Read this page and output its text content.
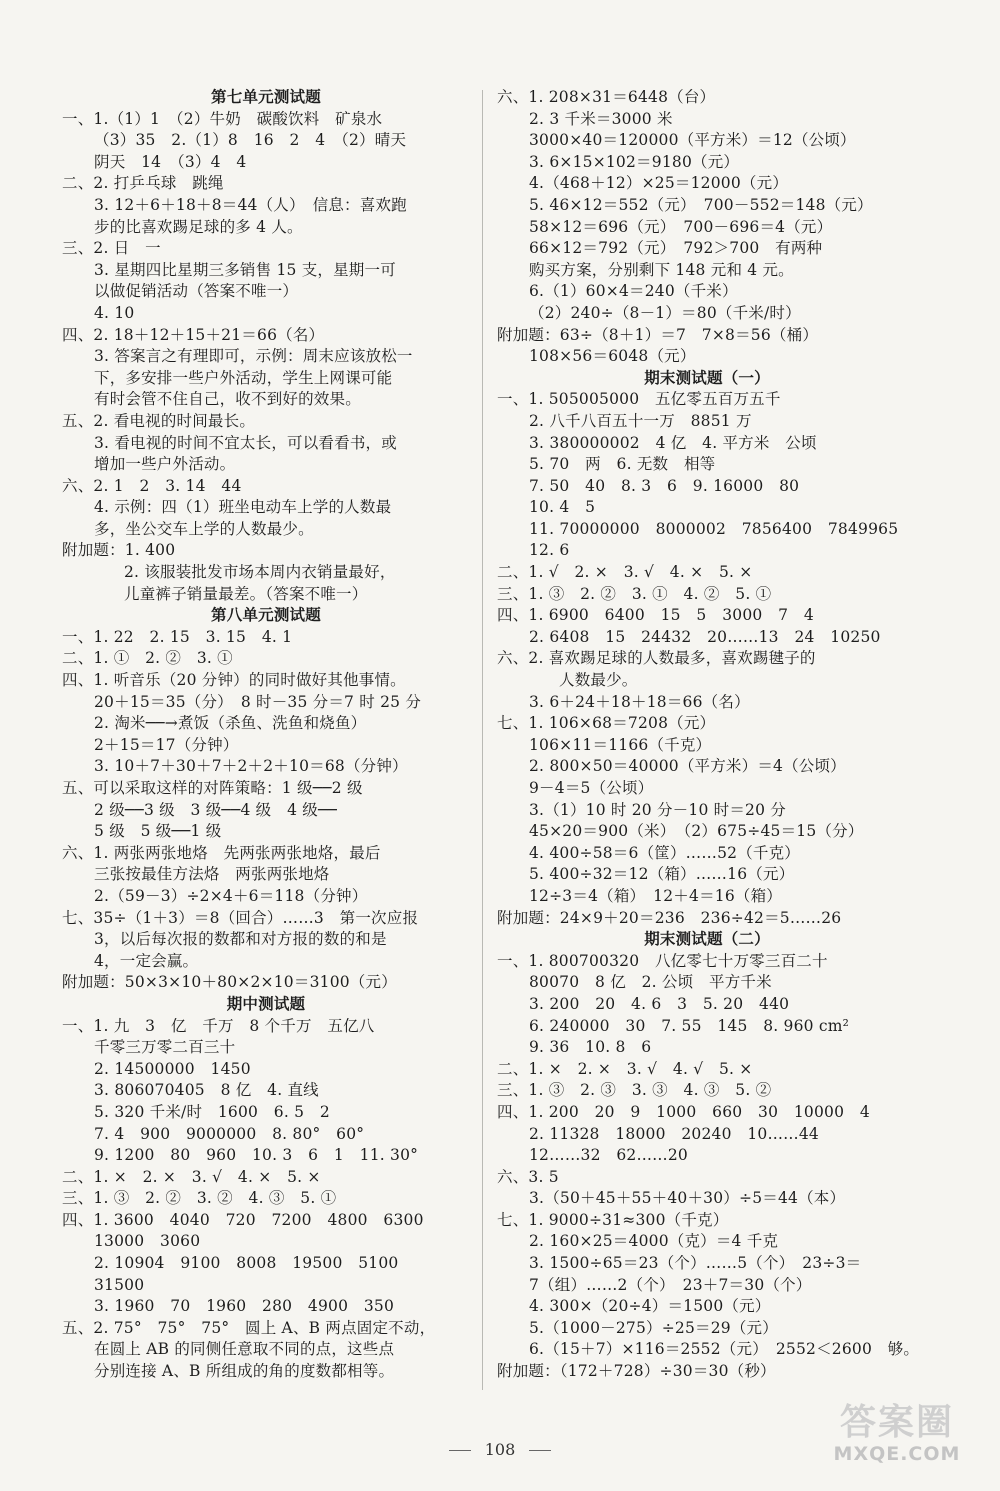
第七单元测试题
一、1.（1）1　（2）牛奶　碳酸饮料　矿泉水
（3）35　2.（1）8　16　2　4　（2）晴天
阴天　14　（3）4　4
二、2. 打乒乓球　跳绳
3. 12＋6＋18＋8＝44（人）　信息：喜欢跑
步的比喜欢踢足球的多 4 人。
三、2. 日　一
3. 星期四比星期三多销售 15 支，星期一可
以做促销活动（答案不唯一）
4. 10
四、2. 18＋12＋15＋21＝66（名）
3. 答案言之有理即可，示例：周末应该放松一
下，多安排一些户外活动，学生上网课可能
有时会管不住自己，收不到好的效果。
五、2. 看电视的时间最长。
3. 看电视的时间不宜太长，可以看看书，或
增加一些户外活动。
六、2. 1　2　3. 14　44
4. 示例：四（1）班坐电动车上学的人数最
多，坐公交车上学的人数最少。
附加题：1. 400
2. 该服装批发市场本周内衣销量最好，
儿童裤子销量最差。（答案不唯一）
第八单元测试题
一、1. 22　2. 15　3. 15　4. 1
二、1. ①　2. ②　3. ①
四、1. 听音乐（20 分钟）的同时做好其他事情。
20＋15＝35（分）　8 时－35 分＝7 时 25 分
2. 淘米──→煮饭（杀鱼、洗鱼和烧鱼）
2＋15＝17（分钟）
3. 10＋7＋30＋7＋2＋2＋10＝68（分钟）
五、可以采取这样的对阵策略：1 级──2 级
2 级──3 级　3 级──4 级　4 级──
5 级　5 级──1 级
六、1. 两张两张地烙　先两张两张地烙，最后
三张按最佳方法烙　两张两张地烙
2.（59－3）÷2×4＋6＝118（分钟）
七、35÷（1＋3）＝8（回合）……3　第一次应报
3，以后每次报的数都和对方报的数的和是
4，一定会赢。
附加题：50×3×10＋80×2×10＝3100（元）
期中测试题
一、1. 九　3　亿　千万　8 个千万　五亿八
千零三万零二百三十
2. 14500000　1450
3. 806070405　8 亿　4. 直线
5. 320 千米/时　1600　6. 5　2
7. 4　900　9000000　8. 80°　60°
9. 1200　80　960　10. 3　6　1　11. 30°
二、1. ×　2. ×　3. √　4. ×　5. ×
三、1. ③　2. ②　3. ②　4. ③　5. ①
四、1. 3600　4040　720　7200　4800　6300
13000　3060
2. 10904　9100　8008　19500　5100
31500
3. 1960　70　1960　280　4900　350
五、2. 75°　75°　75°　圆上 A、B 两点固定不动，
在圆上 AB 的同侧任意取不同的点，这些点
分别连接 A、B 所组成的角的度数都相等。
六、1. 208×31＝6448（台）
2. 3 千米＝3000 米
3000×40＝120000（平方米）＝12（公顷）
3. 6×15×102＝9180（元）
4.（468＋12）×25＝12000（元）
5. 46×12＝552（元）　700－552＝148（元）
58×12＝696（元）　700－696＝4（元）
66×12＝792（元）　792＞700　有两种
购买方案，分别剩下 148 元和 4 元。
6.（1）60×4＝240（千米）
（2）240÷（8－1）＝80（千米/时）
附加题：63÷（8＋1）＝7　7×8＝56（桶）
108×56＝6048（元）
期末测试题（一）
一、1. 505005000　五亿零五百万五千
2. 八千八百五十一万　8851 万
3. 380000002　4 亿　4. 平方米　公顷
5. 70　两　6. 无数　相等
7. 50　40　8. 3　6　9. 16000　80
10. 4　5
11. 70000000　8000002　7856400　7849965
12. 6
二、1. √　2. ×　3. √　4. ×　5. ×
三、1. ③　2. ②　3. ①　4. ②　5. ①
四、1. 6900　6400　15　5　3000　7　4
2. 6408　15　24432　20……13　24　10250
六、2. 喜欢踢足球的人数最多，喜欢踢毽子的
人数最少。
3. 6＋24＋18＋18＝66（名）
七、1. 106×68＝7208（元）
106×11＝1166（千克）
2. 800×50＝40000（平方米）＝4（公顷）
9－4＝5（公顷）
3.（1）10 时 20 分－10 时＝20 分
45×20＝900（米）　（2）675÷45＝15（分）
4. 400÷58＝6（筐）……52（千克）
5. 400÷32＝12（箱）……16（元）
12÷3＝4（箱）　12＋4＝16（箱）
附加题：24×9＋20＝236　236÷42＝5……26
期末测试题（二）
一、1. 800700320　八亿零七十万零三百二十
80070　8 亿　2. 公顷　平方千米
3. 200　20　4. 6　3　5. 20　440
6. 240000　30　7. 55　145　8. 960 cm²
9. 36　10. 8　6
二、1. ×　2. ×　3. √　4. √　5. ×
三、1. ③　2. ③　3. ③　4. ③　5. ②
四、1. 200　20　9　1000　660　30　10000　4
2. 11328　18000　20240　10……44
12……32　62……20
六、3. 5
3.（50＋45＋55＋40＋30）÷5＝44（本）
七、1. 9000÷31≈300（千克）
2. 160×25＝4000（克）＝4 千克
3. 1500÷65＝23（个）……5（个）　23÷3＝
7（组）……2（个）　23＋7＝30（个）
4. 300×（20÷4）＝1500（元）
5.（1000－275）÷25＝29（元）
6.（15＋7）×116＝2552（元）　2552＜2600　够。
附加题：（172＋728）÷30＝30（秒）
108
答案圈
MXQE.COM
